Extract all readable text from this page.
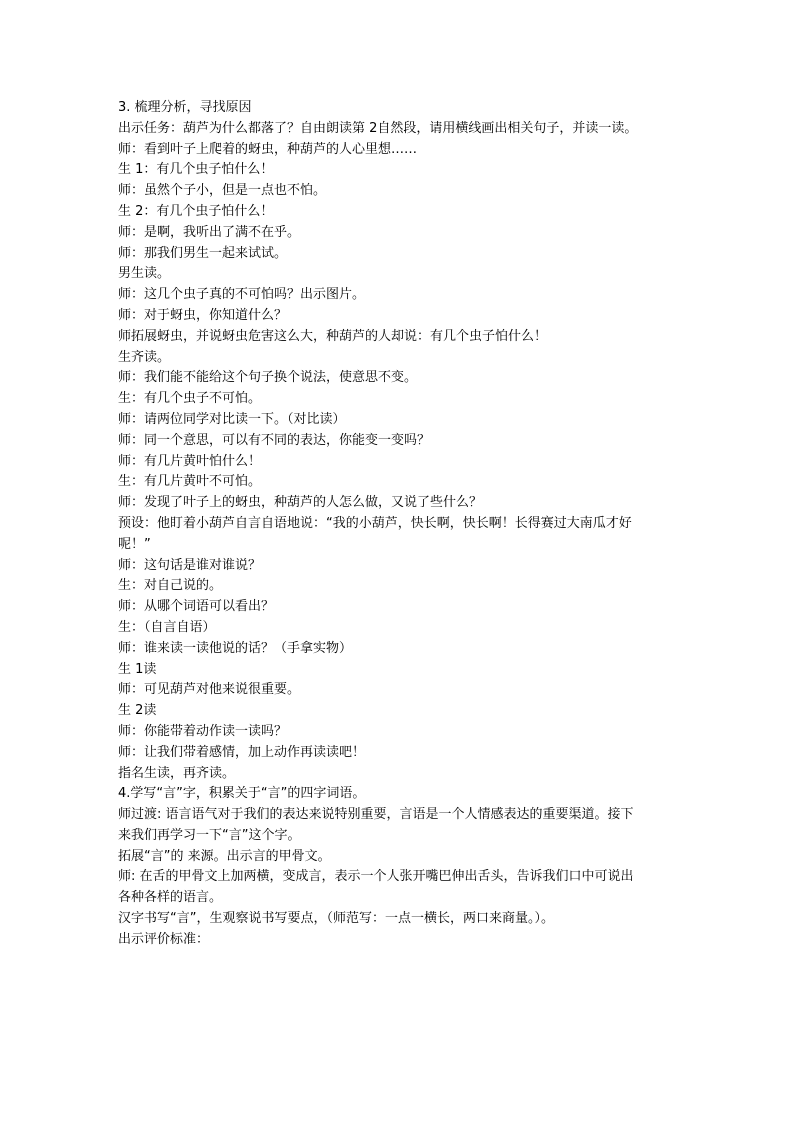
3. 梳理分析，寻找原因
出示任务：葫芦为什么都落了？自由朗读第 2自然段，请用横线画出相关句子，并读一读。
师：看到叶子上爬着的蚜虫，种葫芦的人心里想……
生 1：有几个虫子怕什么！
师：虽然个子小，但是一点也不怕。
生 2：有几个虫子怕什么！
师：是啊，我听出了满不在乎。
师：那我们男生一起来试试。
男生读。
师：这几个虫子真的不可怕吗？出示图片。
师：对于蚜虫，你知道什么？
师拓展蚜虫，并说蚜虫危害这么大，种葫芦的人却说：有几个虫子怕什么！
生齐读。
师：我们能不能给这个句子换个说法，使意思不变。
生：有几个虫子不可怕。
师：请两位同学对比读一下。（对比读）
师：同一个意思，可以有不同的表达，你能变一变吗？
师：有几片黄叶怕什么！
生：有几片黄叶不可怕。
师：发现了叶子上的蚜虫，种葫芦的人怎么做，又说了些什么？
预设：他盯着小葫芦自言自语地说：“我的小葫芦，快长啊，快长啊！长得赛过大南瓜才好
呢！”
师：这句话是谁对谁说？
生：对自己说的。
师：从哪个词语可以看出？
生：（自言自语）
师：谁来读一读他说的话？（手拿实物）
生 1读
师：可见葫芦对他来说很重要。
生 2读
师：你能带着动作读一读吗？
师：让我们带着感情，加上动作再读读吧！
指名生读，再齐读。
4.学写“言”字，积累关于“言”的四字词语。
师过渡: 语言语气对于我们的表达来说特别重要，言语是一个人情感表达的重要渠道。接下
来我们再学习一下“言”这个字。
拓展“言”的 来源。出示言的甲骨文。
师: 在舌的甲骨文上加两横，变成言，表示一个人张开嘴巴伸出舌头，告诉我们口中可说出
各种各样的语言。
汉字书写“言”，生观察说书写要点，（师范写：一点一横长，两口来商量。）。
出示评价标准：
